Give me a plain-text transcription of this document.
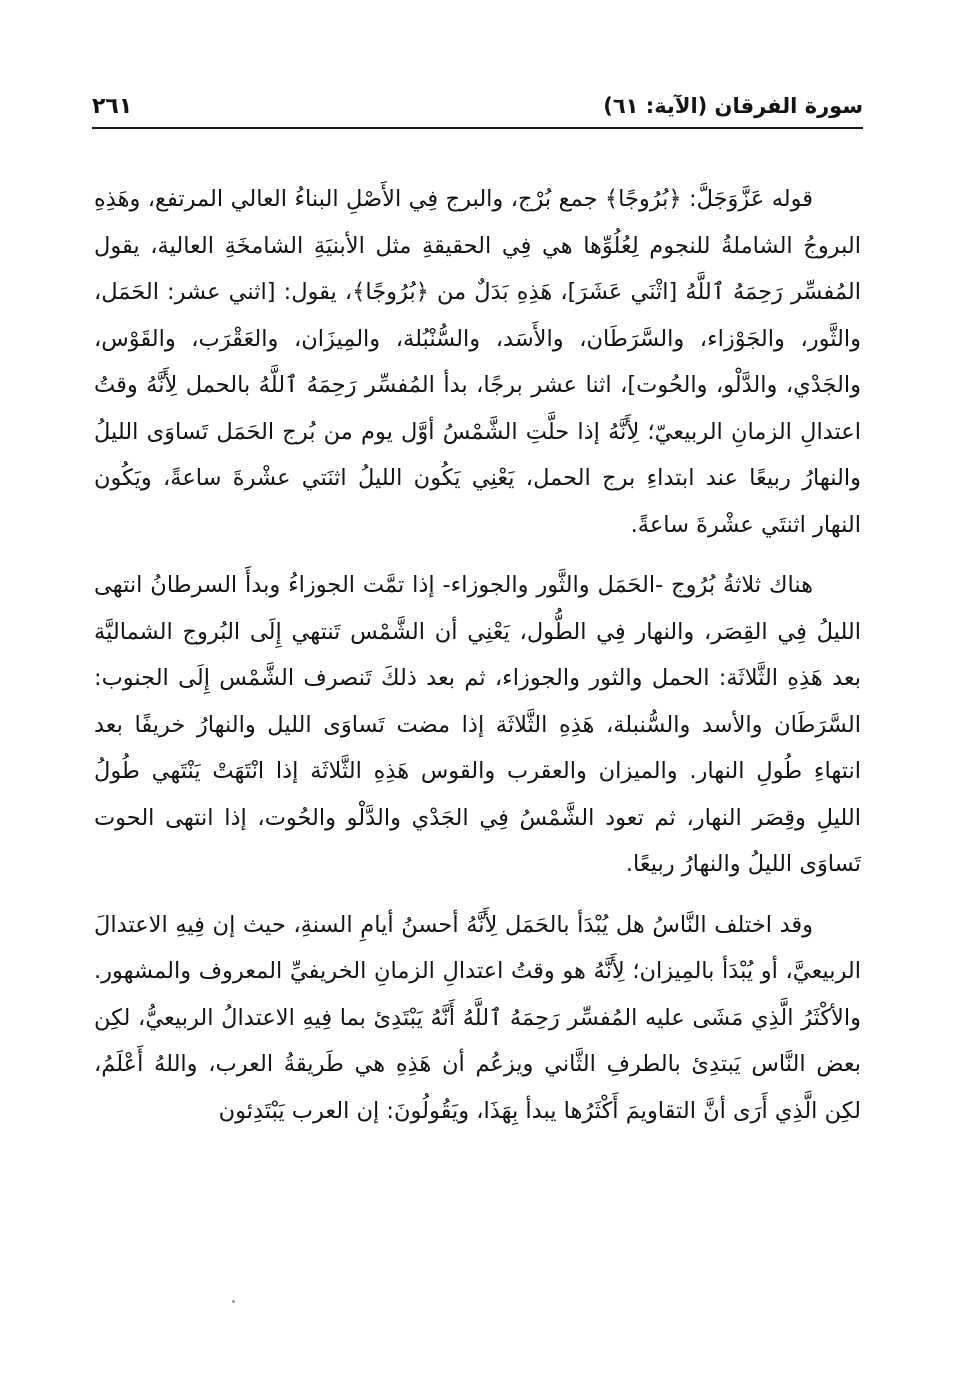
سورة الفرقان (الآية: ٦١)
٢٦١

قوله عَزَّوَجَلَّ: ﴿بُرُوجًا﴾ جمع بُرْج، والبرج فِي الأَصْلِ البناءُ العالي المرتفع، وهَذِهِ البروجُ الشاملةُ للنجوم لِعُلُوِّها هي فِي الحقيقةِ مثل الأبنيَةِ الشامخَةِ العالية، يقول المُفسِّر رَحِمَهُ ٱللَّهُ [اثْنَي عَشَرَ]، هَذِهِ بَدَلٌ من ﴿بُرُوجًا﴾، يقول: [اثني عشر: الحَمَل، والثَّور، والجَوْزاء، والسَّرَطَان، والأَسَد، والسُّنْبُلة، والمِيزَان، والعَقْرَب، والقَوْس، والجَدْي، والدَّلْو، والحُوت]، اثنا عشر برجًا، بدأ المُفسِّر رَحِمَهُ ٱللَّهُ بالحمل لِأَنَّهُ وقتُ اعتدالِ الزمانِ الربيعيّ؛ لِأَنَّهُ إذا حلَّتِ الشَّمْسُ أوَّل يوم من بُرج الحَمَل تَساوَى الليلُ والنهارُ ربيعًا عند ابتداءِ برج الحمل، يَعْنِي يَكُون الليلُ اثنَتي عشْرةَ ساعةً، ويَكُون النهار اثنتَي عشْرةَ ساعةً.

هناك ثلاثةُ بُرُوج -الحَمَل والثَّور والجوزاء- إذا تمَّت الجوزاءُ وبدأَ السرطانُ انتهى الليلُ فِي القِصَر، والنهار فِي الطُّول، يَعْنِي أن الشَّمْس تَنتهي إِلَى البُروج الشماليَّة بعد هَذِهِ الثَّلاثَة: الحمل والثور والجوزاء، ثم بعد ذلكَ تَنصرف الشَّمْس إِلَى الجنوب: السَّرَطَان والأسد والسُّنبلة، هَذِهِ الثَّلاثَة إذا مضت تَساوَى الليل والنهارُ خريفًا بعد انتهاءِ طُولِ النهار. والميزان والعقرب والقوس هَذِهِ الثَّلاثَة إذا انْتَهَتْ يَنْتَهي طُولُ الليلِ وقِصَر النهار، ثم تعود الشَّمْسُ فِي الجَدْي والدَّلْو والحُوت، إذا انتهى الحوت تَساوَى الليلُ والنهارُ ربيعًا.

وقد اختلف النَّاسُ هل يُبْدَأ بالحَمَل لِأَنَّهُ أحسنُ أيامِ السنةِ، حيث إن فِيهِ الاعتدالَ الربيعيَّ، أو يُبْدَأ بالمِيزان؛ لِأَنَّهُ هو وقتُ اعتدالِ الزمانِ الخريفيِّ المعروف والمشهور. والأكْثَرُ الَّذِي مَشَى عليه المُفسِّر رَحِمَهُ ٱللَّهُ أَنَّهُ يَبْتَدِئ بما فِيهِ الاعتدالُ الربيعيُّ، لكِن بعض النَّاس يَبتدِئ بالطرفِ الثَّاني ويزعُم أن هَذِهِ هي طَريقةُ العرب، واللهُ أَعْلَمُ، لكِن الَّذِي أَرَى أنَّ التقاويمَ أَكْثَرُها يبدأ بِهَذَا، ويَقُولُونَ: إن العرب يَبْتَدِئون
